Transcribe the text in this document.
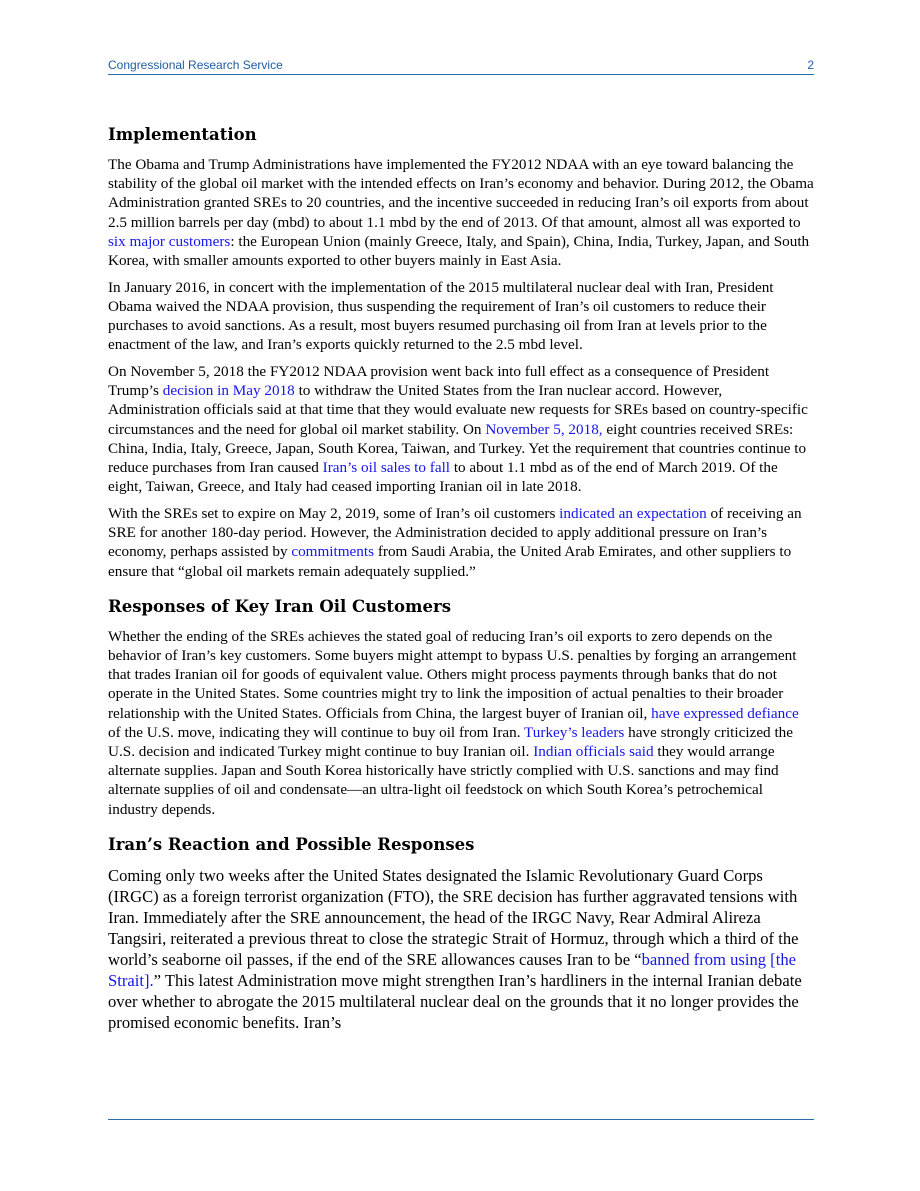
Congressional Research Service	2
Implementation

The Obama and Trump Administrations have implemented the FY2012 NDAA with an eye toward balancing the stability of the global oil market with the intended effects on Iran’s economy and behavior. During 2012, the Obama Administration granted SREs to 20 countries, and the incentive succeeded in reducing Iran’s oil exports from about 2.5 million barrels per day (mbd) to about 1.1 mbd by the end of 2013. Of that amount, almost all was exported to six major customers: the European Union (mainly Greece, Italy, and Spain), China, India, Turkey, Japan, and South Korea, with smaller amounts exported to other buyers mainly in East Asia.

In January 2016, in concert with the implementation of the 2015 multilateral nuclear deal with Iran, President Obama waived the NDAA provision, thus suspending the requirement of Iran’s oil customers to reduce their purchases to avoid sanctions. As a result, most buyers resumed purchasing oil from Iran at levels prior to the enactment of the law, and Iran’s exports quickly returned to the 2.5 mbd level.

On November 5, 2018 the FY2012 NDAA provision went back into full effect as a consequence of President Trump’s decision in May 2018 to withdraw the United States from the Iran nuclear accord. However, Administration officials said at that time that they would evaluate new requests for SREs based on country-specific circumstances and the need for global oil market stability. On November 5, 2018, eight countries received SREs: China, India, Italy, Greece, Japan, South Korea, Taiwan, and Turkey. Yet the requirement that countries continue to reduce purchases from Iran caused Iran’s oil sales to fall to about 1.1 mbd as of the end of March 2019. Of the eight, Taiwan, Greece, and Italy had ceased importing Iranian oil in late 2018.

With the SREs set to expire on May 2, 2019, some of Iran’s oil customers indicated an expectation of receiving an SRE for another 180-day period. However, the Administration decided to apply additional pressure on Iran’s economy, perhaps assisted by commitments from Saudi Arabia, the United Arab Emirates, and other suppliers to ensure that “global oil markets remain adequately supplied.”

Responses of Key Iran Oil Customers

Whether the ending of the SREs achieves the stated goal of reducing Iran’s oil exports to zero depends on the behavior of Iran’s key customers. Some buyers might attempt to bypass U.S. penalties by forging an arrangement that trades Iranian oil for goods of equivalent value. Others might process payments through banks that do not operate in the United States. Some countries might try to link the imposition of actual penalties to their broader relationship with the United States. Officials from China, the largest buyer of Iranian oil, have expressed defiance of the U.S. move, indicating they will continue to buy oil from Iran. Turkey’s leaders have strongly criticized the U.S. decision and indicated Turkey might continue to buy Iranian oil. Indian officials said they would arrange alternate supplies. Japan and South Korea historically have strictly complied with U.S. sanctions and may find alternate supplies of oil and condensate—an ultra-light oil feedstock on which South Korea’s petrochemical industry depends.

Iran’s Reaction and Possible Responses

Coming only two weeks after the United States designated the Islamic Revolutionary Guard Corps (IRGC) as a foreign terrorist organization (FTO), the SRE decision has further aggravated tensions with Iran. Immediately after the SRE announcement, the head of the IRGC Navy, Rear Admiral Alireza Tangsiri, reiterated a previous threat to close the strategic Strait of Hormuz, through which a third of the world’s seaborne oil passes, if the end of the SRE allowances causes Iran to be “banned from using [the Strait].” This latest Administration move might strengthen Iran’s hardliners in the internal Iranian debate over whether to abrogate the 2015 multilateral nuclear deal on the grounds that it no longer provides the promised economic benefits. Iran’s
